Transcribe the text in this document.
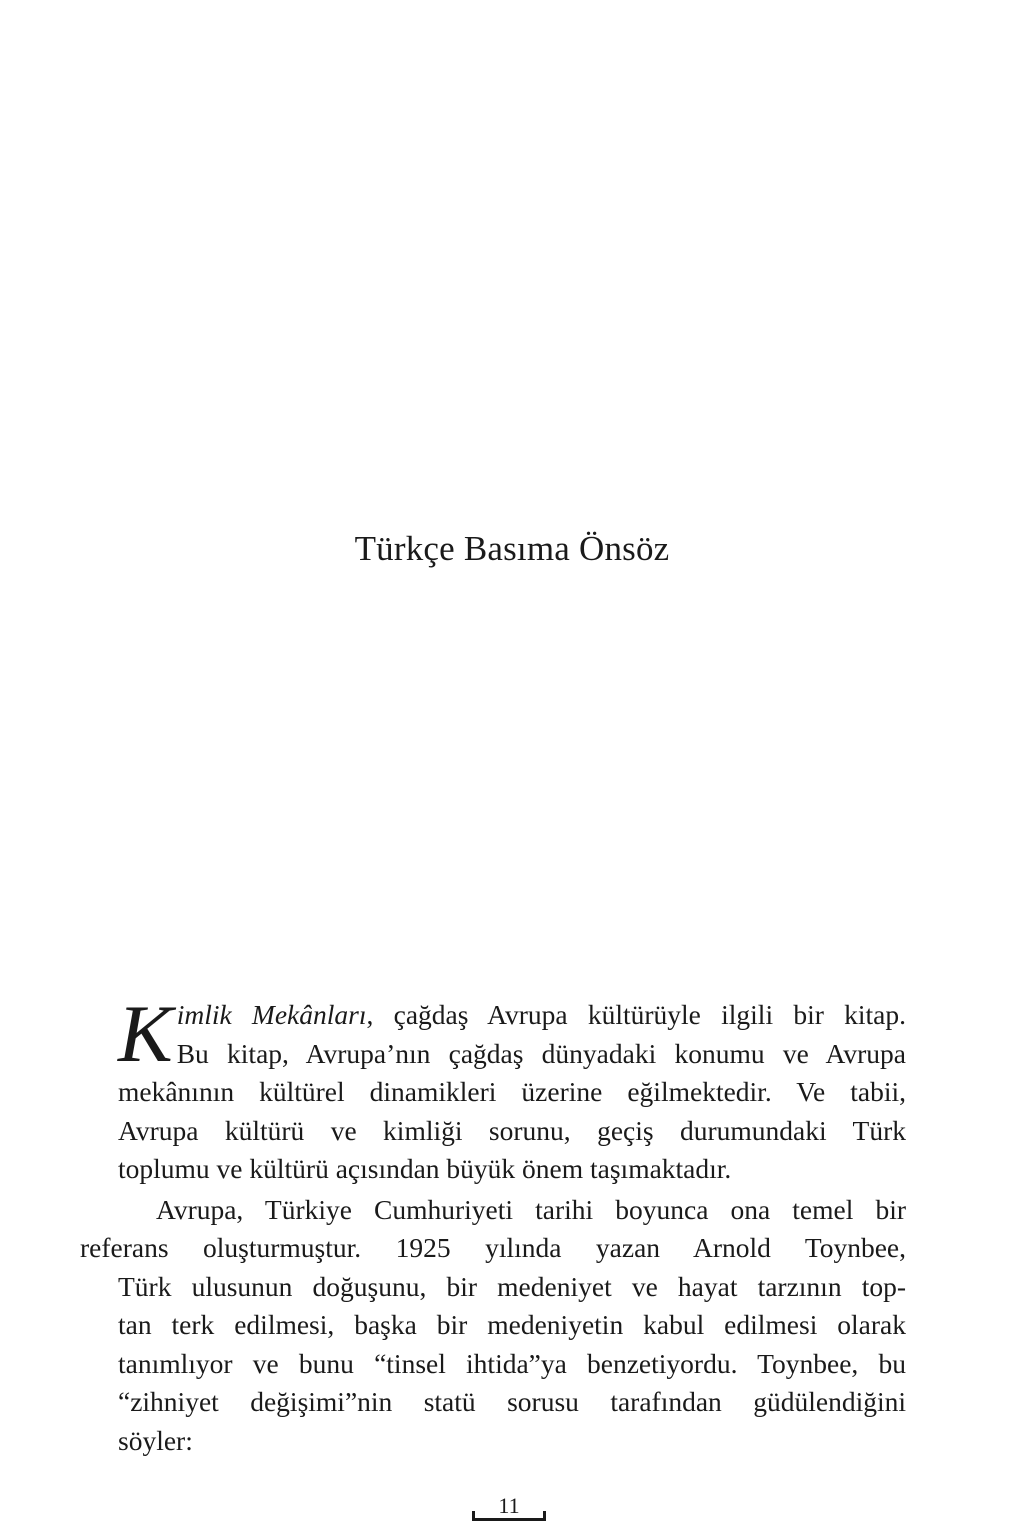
Türkçe Basıma Önsöz

K imlik Mekânları, çağdaş Avrupa kültürüyle ilgili bir kitap.
Bu kitap, Avrupa’nın çağdaş dünyadaki konumu ve Avrupa
mekânının kültürel dinamikleri üzerine eğilmektedir. Ve tabii,
Avrupa kültürü ve kimliği sorunu, geçiş durumundaki Türk
toplumu ve kültürü açısından büyük önem taşımaktadır.

Avrupa, Türkiye Cumhuriyeti tarihi boyunca ona temel bir
referans oluşturmuştur. 1925 yılında yazan Arnold Toynbee,
Türk ulusunun doğuşunu, bir medeniyet ve hayat tarzının top-
tan terk edilmesi, başka bir medeniyetin kabul edilmesi olarak
tanımlıyor ve bunu “tinsel ihtida”ya benzetiyordu. Toynbee, bu
“zihniyet değişimi”nin statü sorusu tarafından güdülendiğini
söyler:

11
